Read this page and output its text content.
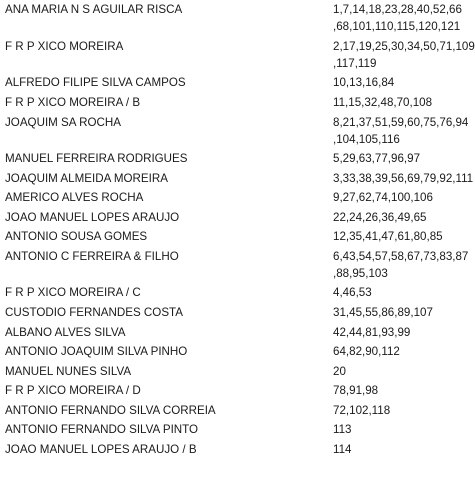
ANA MARIA N S AGUILAR RISCA	1,7,14,18,23,28,40,52,66
,68,101,110,115,120,121
F R P XICO MOREIRA	2,17,19,25,30,34,50,71,109
,117,119
ALFREDO FILIPE SILVA CAMPOS	10,13,16,84
F R P XICO MOREIRA / B	11,15,32,48,70,108
JOAQUIM SA ROCHA	8,21,37,51,59,60,75,76,94
,104,105,116
MANUEL FERREIRA RODRIGUES	5,29,63,77,96,97
JOAQUIM ALMEIDA MOREIRA	3,33,38,39,56,69,79,92,111
AMERICO ALVES ROCHA	9,27,62,74,100,106
JOAO MANUEL LOPES ARAUJO	22,24,26,36,49,65
ANTONIO SOUSA GOMES	12,35,41,47,61,80,85
ANTONIO C FERREIRA & FILHO	6,43,54,57,58,67,73,83,87
,88,95,103
F R P XICO MOREIRA / C	4,46,53
CUSTODIO FERNANDES COSTA	31,45,55,86,89,107
ALBANO ALVES SILVA	42,44,81,93,99
ANTONIO JOAQUIM SILVA PINHO	64,82,90,112
MANUEL NUNES SILVA	20
F R P XICO MOREIRA / D	78,91,98
ANTONIO FERNANDO SILVA CORREIA	72,102,118
ANTONIO FERNANDO SILVA PINTO	113
JOAO MANUEL LOPES ARAUJO / B	114
